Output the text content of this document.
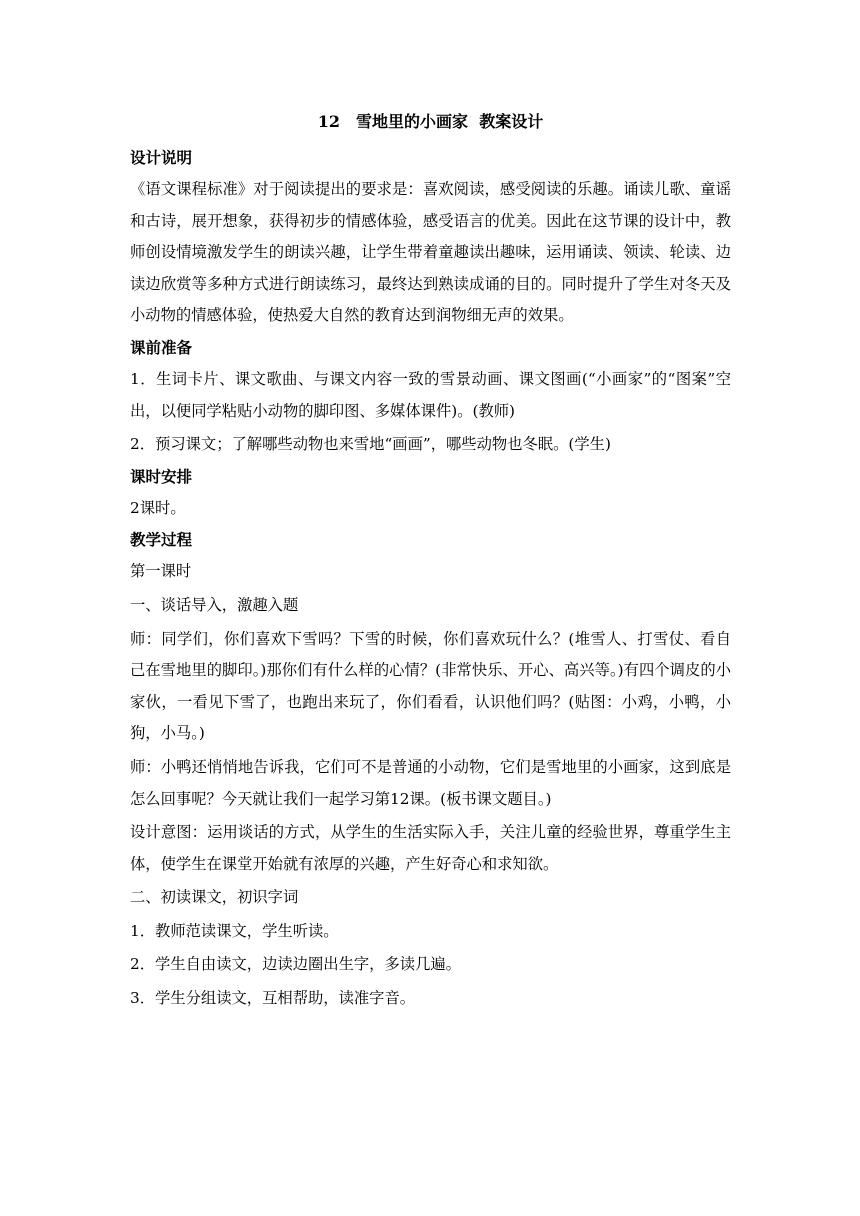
12　雪地里的小画家  教案设计
设计说明

《语文课程标准》对于阅读提出的要求是：喜欢阅读，感受阅读的乐趣。诵读儿歌、童谣和古诗，展开想象，获得初步的情感体验，感受语言的优美。因此在这节课的设计中，教师创设情境激发学生的朗读兴趣，让学生带着童趣读出趣味，运用诵读、领读、轮读、边读边欣赏等多种方式进行朗读练习，最终达到熟读成诵的目的。同时提升了学生对冬天及小动物的情感体验，使热爱大自然的教育达到润物细无声的效果。

课前准备

1．生词卡片、课文歌曲、与课文内容一致的雪景动画、课文图画(“小画家”的“图案”空出，以便同学粘贴小动物的脚印图、多媒体课件)。(教师)

2．预习课文；了解哪些动物也来雪地“画画”，哪些动物也冬眠。(学生)

课时安排

2课时。

教学过程

第一课时

一、谈话导入，激趣入题

师：同学们，你们喜欢下雪吗？下雪的时候，你们喜欢玩什么？(堆雪人、打雪仗、看自己在雪地里的脚印。)那你们有什么样的心情？(非常快乐、开心、高兴等。)有四个调皮的小家伙，一看见下雪了，也跑出来玩了，你们看看，认识他们吗？(贴图：小鸡，小鸭，小狗，小马。)

师：小鸭还悄悄地告诉我，它们可不是普通的小动物，它们是雪地里的小画家，这到底是怎么回事呢？今天就让我们一起学习第12课。(板书课文题目。)

设计意图：运用谈话的方式，从学生的生活实际入手，关注儿童的经验世界，尊重学生主体，使学生在课堂开始就有浓厚的兴趣，产生好奇心和求知欲。

二、初读课文，初识字词

1．教师范读课文，学生听读。

2．学生自由读文，边读边圈出生字，多读几遍。

3．学生分组读文，互相帮助，读准字音。
